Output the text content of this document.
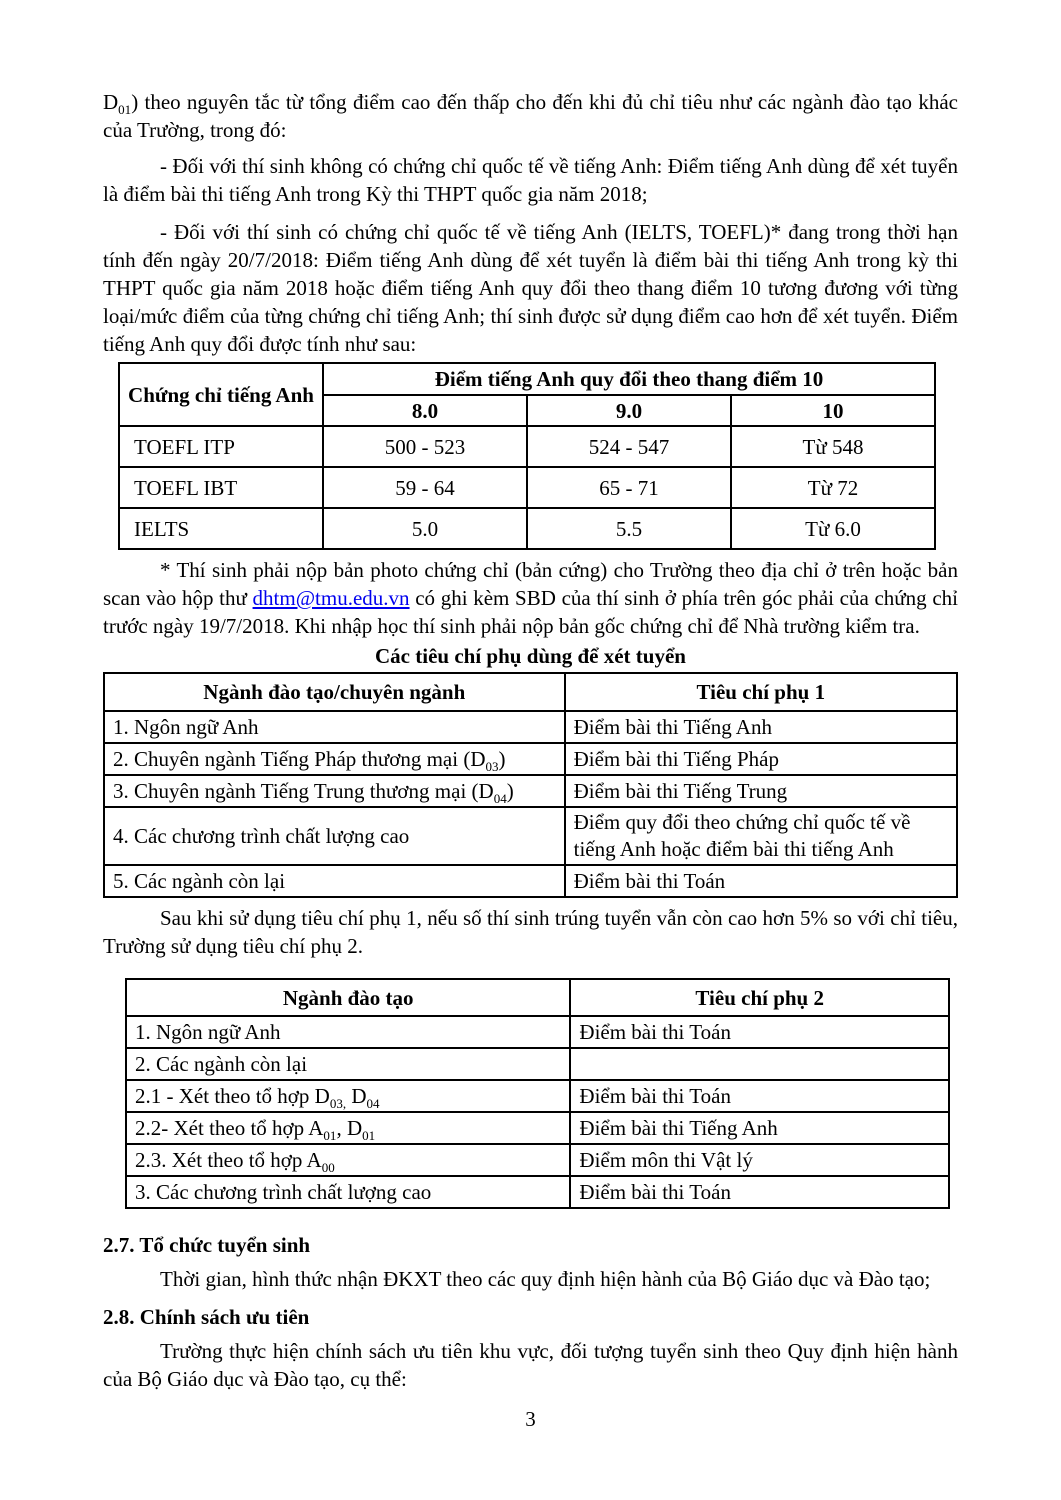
$D_{01}$) theo nguyên tắc từ tổng điểm cao đến thấp cho đến khi đủ chỉ tiêu như các ngành đào tạo khác của Trường, trong đó:

- Đối với thí sinh không có chứng chỉ quốc tế về tiếng Anh: Điểm tiếng Anh dùng để xét tuyển là điểm bài thi tiếng Anh trong Kỳ thi THPT quốc gia năm 2018;

- Đối với thí sinh có chứng chỉ quốc tế về tiếng Anh (IELTS, TOEFL)* đang trong thời hạn tính đến ngày 20/7/2018: Điểm tiếng Anh dùng để xét tuyển là điểm bài thi tiếng Anh trong kỳ thi THPT quốc gia năm 2018 hoặc điểm tiếng Anh quy đổi theo thang điểm 10 tương đương với từng loại/mức điểm của từng chứng chỉ tiếng Anh; thí sinh được sử dụng điểm cao hơn để xét tuyển. Điểm tiếng Anh quy đổi được tính như sau:

Chứng chỉ tiếng Anh	Điểm tiếng Anh quy đổi theo thang điểm 10		
	8.0	9.0	10
TOEFL ITP	500 - 523	524 - 547	Từ 548
TOEFL IBT	59 - 64	65 - 71	Từ 72
IELTS	5.0	5.5	Từ 6.0

* Thí sinh phải nộp bản photo chứng chỉ (bản cứng) cho Trường theo địa chỉ ở trên hoặc bản scan vào hộp thư dhtm@tmu.edu.vn có ghi kèm SBD của thí sinh ở phía trên góc phải của chứng chỉ trước ngày 19/7/2018. Khi nhập học thí sinh phải nộp bản gốc chứng chỉ để Nhà trường kiểm tra.

Các tiêu chí phụ dùng để xét tuyển
Ngành đào tạo/chuyên ngành	Tiêu chí phụ 1
1. Ngôn ngữ Anh	Điểm bài thi Tiếng Anh
2. Chuyên ngành Tiếng Pháp thương mại $(D_{03})$	Điểm bài thi Tiếng Pháp
3. Chuyên ngành Tiếng Trung thương mại $(D_{04})$	Điểm bài thi Tiếng Trung
4. Các chương trình chất lượng cao	Điểm quy đổi theo chứng chỉ quốc tế về tiếng Anh hoặc điểm bài thi tiếng Anh
5. Các ngành còn lại	Điểm bài thi Toán

Sau khi sử dụng tiêu chí phụ 1, nếu số thí sinh trúng tuyển vẫn còn cao hơn 5% so với chỉ tiêu, Trường sử dụng tiêu chí phụ 2.

Ngành đào tạo	Tiêu chí phụ 2
1. Ngôn ngữ Anh	Điểm bài thi Toán
2. Các ngành còn lại	
2.1 - Xét theo tổ hợp $D_{03,}$ $D_{04}$	Điểm bài thi Toán
2.2- Xét theo tổ hợp $A_{01}$, $D_{01}$	Điểm bài thi Tiếng Anh
2.3. Xét theo tổ hợp $A_{00}$	Điểm môn thi Vật lý
3. Các chương trình chất lượng cao	Điểm bài thi Toán
2.7. Tổ chức tuyển sinh

Thời gian, hình thức nhận ĐKXT theo các quy định hiện hành của Bộ Giáo dục và Đào tạo;

2.8. Chính sách ưu tiên

Trường thực hiện chính sách ưu tiên khu vực, đối tượng tuyển sinh theo Quy định hiện hành của Bộ Giáo dục và Đào tạo, cụ thể:

3
